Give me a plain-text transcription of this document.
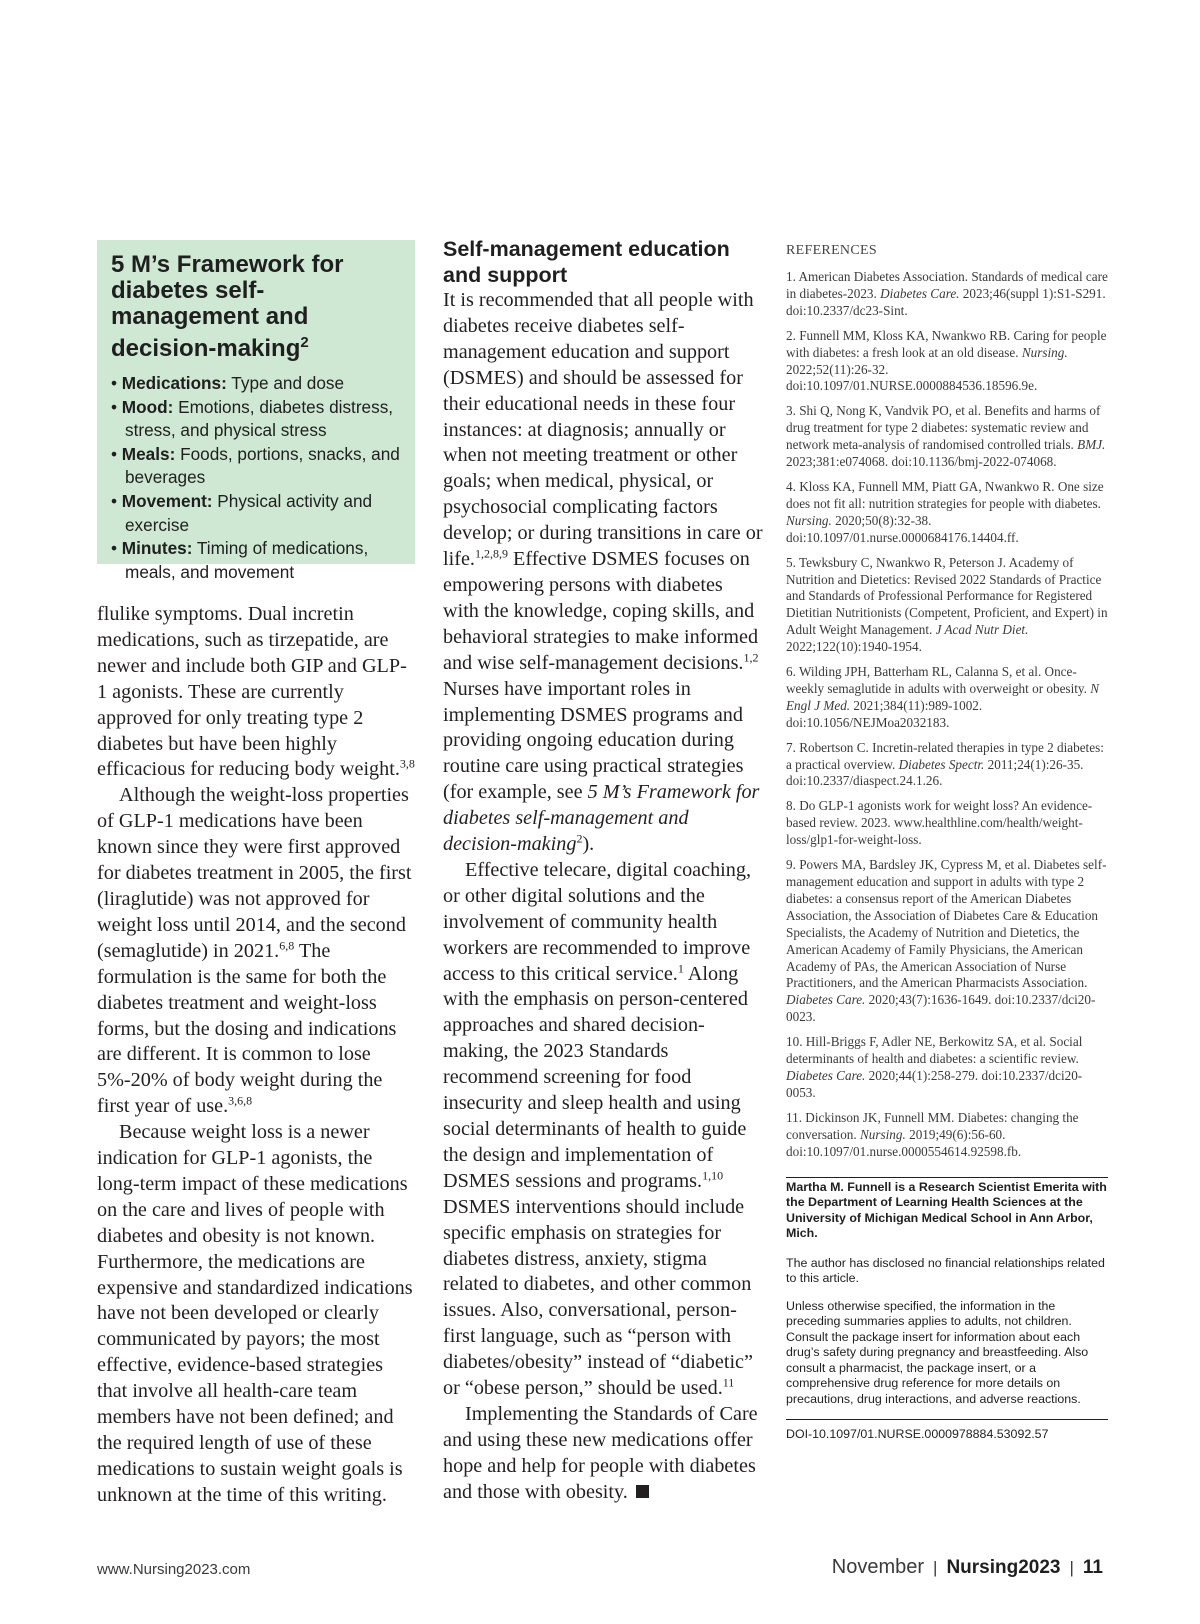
5 M’s Framework for diabetes self-management and decision-making$^2$
• Medications: Type and dose
• Mood: Emotions, diabetes distress, stress, and physical stress
• Meals: Foods, portions, snacks, and beverages
• Movement: Physical activity and exercise
• Minutes: Timing of medications, meals, and movement

flulike symptoms. Dual incretin medications, such as tirzepatide, are newer and include both GIP and GLP-1 agonists. These are currently approved for only treating type 2 diabetes but have been highly efficacious for reducing body weight.$^{3,8}$

Although the weight-loss properties of GLP-1 medications have been known since they were first approved for diabetes treatment in 2005, the first (liraglutide) was not approved for weight loss until 2014, and the second (semaglutide) in 2021.$^{6,8}$ The formulation is the same for both the diabetes treatment and weight-loss forms, but the dosing and indications are different. It is common to lose 5%-20% of body weight during the first year of use.$^{3,6,8}$

Because weight loss is a newer indication for GLP-1 agonists, the long-term impact of these medications on the care and lives of people with diabetes and obesity is not known. Furthermore, the medications are expensive and standardized indications have not been developed or clearly communicated by payors; the most effective, evidence-based strategies that involve all health-care team members have not been defined; and the required length of use of these medications to sustain weight goals is unknown at the time of this writing.

Self-management education and support

It is recommended that all people with diabetes receive diabetes self-management education and support (DSMES) and should be assessed for their educational needs in these four instances: at diagnosis; annually or when not meeting treatment or other goals; when medical, physical, or psychosocial complicating factors develop; or during transitions in care or life.$^{1,2,8,9}$ Effective DSMES focuses on empowering persons with diabetes with the knowledge, coping skills, and behavioral strategies to make informed and wise self-management decisions.$^{1,2}$ Nurses have important roles in implementing DSMES programs and providing ongoing education during routine care using practical strategies (for example, see 5 M’s Framework for diabetes self-management and decision-making$^2$).

Effective telecare, digital coaching, or other digital solutions and the involvement of community health workers are recommended to improve access to this critical service.$^1$ Along with the emphasis on person-centered approaches and shared decision-making, the 2023 Standards recommend screening for food insecurity and sleep health and using social determinants of health to guide the design and implementation of DSMES sessions and programs.$^{1,10}$ DSMES interventions should include specific emphasis on strategies for diabetes distress, anxiety, stigma related to diabetes, and other common issues. Also, conversational, person-first language, such as “person with diabetes/obesity” instead of “diabetic” or “obese person,” should be used.$^{11}$

Implementing the Standards of Care and using these new medications offer hope and help for people with diabetes and those with obesity.

REFERENCES

1. American Diabetes Association. Standards of medical care in diabetes-2023. Diabetes Care. 2023;46(suppl 1):S1-S291. doi:10.2337/dc23-Sint.

2. Funnell MM, Kloss KA, Nwankwo RB. Caring for people with diabetes: a fresh look at an old disease. Nursing. 2022;52(11):26-32. doi:10.1097/01.NURSE.0000884536.18596.9e.

3. Shi Q, Nong K, Vandvik PO, et al. Benefits and harms of drug treatment for type 2 diabetes: systematic review and network meta-analysis of randomised controlled trials. BMJ. 2023;381:e074068. doi:10.1136/bmj-2022-074068.

4. Kloss KA, Funnell MM, Piatt GA, Nwankwo R. One size does not fit all: nutrition strategies for people with diabetes. Nursing. 2020;50(8):32-38. doi:10.1097/01.nurse.0000684176.14404.ff.

5. Tewksbury C, Nwankwo R, Peterson J. Academy of Nutrition and Dietetics: Revised 2022 Standards of Practice and Standards of Professional Performance for Registered Dietitian Nutritionists (Competent, Proficient, and Expert) in Adult Weight Management. J Acad Nutr Diet. 2022;122(10):1940-1954.

6. Wilding JPH, Batterham RL, Calanna S, et al. Once-weekly semaglutide in adults with overweight or obesity. N Engl J Med. 2021;384(11):989-1002. doi:10.1056/NEJMoa2032183.

7. Robertson C. Incretin-related therapies in type 2 diabetes: a practical overview. Diabetes Spectr. 2011;24(1):26-35. doi:10.2337/diaspect.24.1.26.

8. Do GLP-1 agonists work for weight loss? An evidence-based review. 2023. www.healthline.com/health/weight-loss/glp1-for-weight-loss.

9. Powers MA, Bardsley JK, Cypress M, et al. Diabetes self-management education and support in adults with type 2 diabetes: a consensus report of the American Diabetes Association, the Association of Diabetes Care & Education Specialists, the Academy of Nutrition and Dietetics, the American Academy of Family Physicians, the American Academy of PAs, the American Association of Nurse Practitioners, and the American Pharmacists Association. Diabetes Care. 2020;43(7):1636-1649. doi:10.2337/dci20-0023.

10. Hill-Briggs F, Adler NE, Berkowitz SA, et al. Social determinants of health and diabetes: a scientific review. Diabetes Care. 2020;44(1):258-279. doi:10.2337/dci20-0053.

11. Dickinson JK, Funnell MM. Diabetes: changing the conversation. Nursing. 2019;49(6):56-60. doi:10.1097/01.nurse.0000554614.92598.fb.

Martha M. Funnell is a Research Scientist Emerita with the Department of Learning Health Sciences at the University of Michigan Medical School in Ann Arbor, Mich.

The author has disclosed no financial relationships related to this article.

Unless otherwise specified, the information in the preceding summaries applies to adults, not children. Consult the package insert for information about each drug’s safety during pregnancy and breastfeeding. Also consult a pharmacist, the package insert, or a comprehensive drug reference for more details on precautions, drug interactions, and adverse reactions.

DOI-10.1097/01.NURSE.0000978884.53092.57
www.Nursing2023.com	November | Nursing2023 | 11
